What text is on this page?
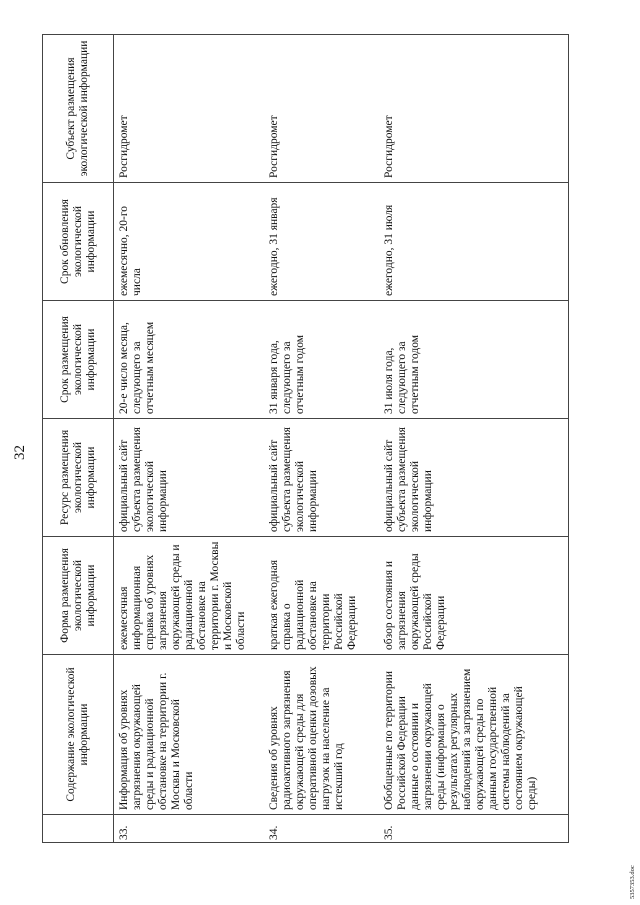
32
	Содержание экологической информации	Форма размещения экологической информации	Ресурс размещения экологической информации	Срок размещения экологической информации	Срок обновления экологической информации	Субъект размещения экологической информации
33.	Информация об уровнях загрязнения окружающей среды и радиационной обстановке на территории г. Москвы и Московской области	ежемесячная информационная справка об уровнях загрязнения окружающей среды и радиационной обстановке на территории г. Москвы и Московской области	официальный сайт субъекта размещения экологической информации	20-е число месяца, следующего за отчетным месяцем	ежемесячно, 20-го числа	Росгидромет
34.	Сведения об уровнях радиоактивного загрязнения окружающей среды для оперативной оценки дозовых нагрузок на население за истекший год	краткая ежегодная справка о радиационной обстановке на территории Российской Федерации	официальный сайт субъекта размещения экологической информации	31 января года, следующего за отчетным годом	ежегодно, 31 января	Росгидромет
35.	Обобщенные по территории Российской Федерации данные о состоянии и загрязнении окружающей среды (информация о результатах регулярных наблюдений за загрязнением окружающей среды по данным государственной системы наблюдений за состоянием окружающей среды)	обзор состояния и загрязнения окружающей среды Российской Федерации	официальный сайт субъекта размещения экологической информации	31 июля года, следующего за отчетным годом	ежегодно, 31 июля	Росгидромет
5357353.doc
